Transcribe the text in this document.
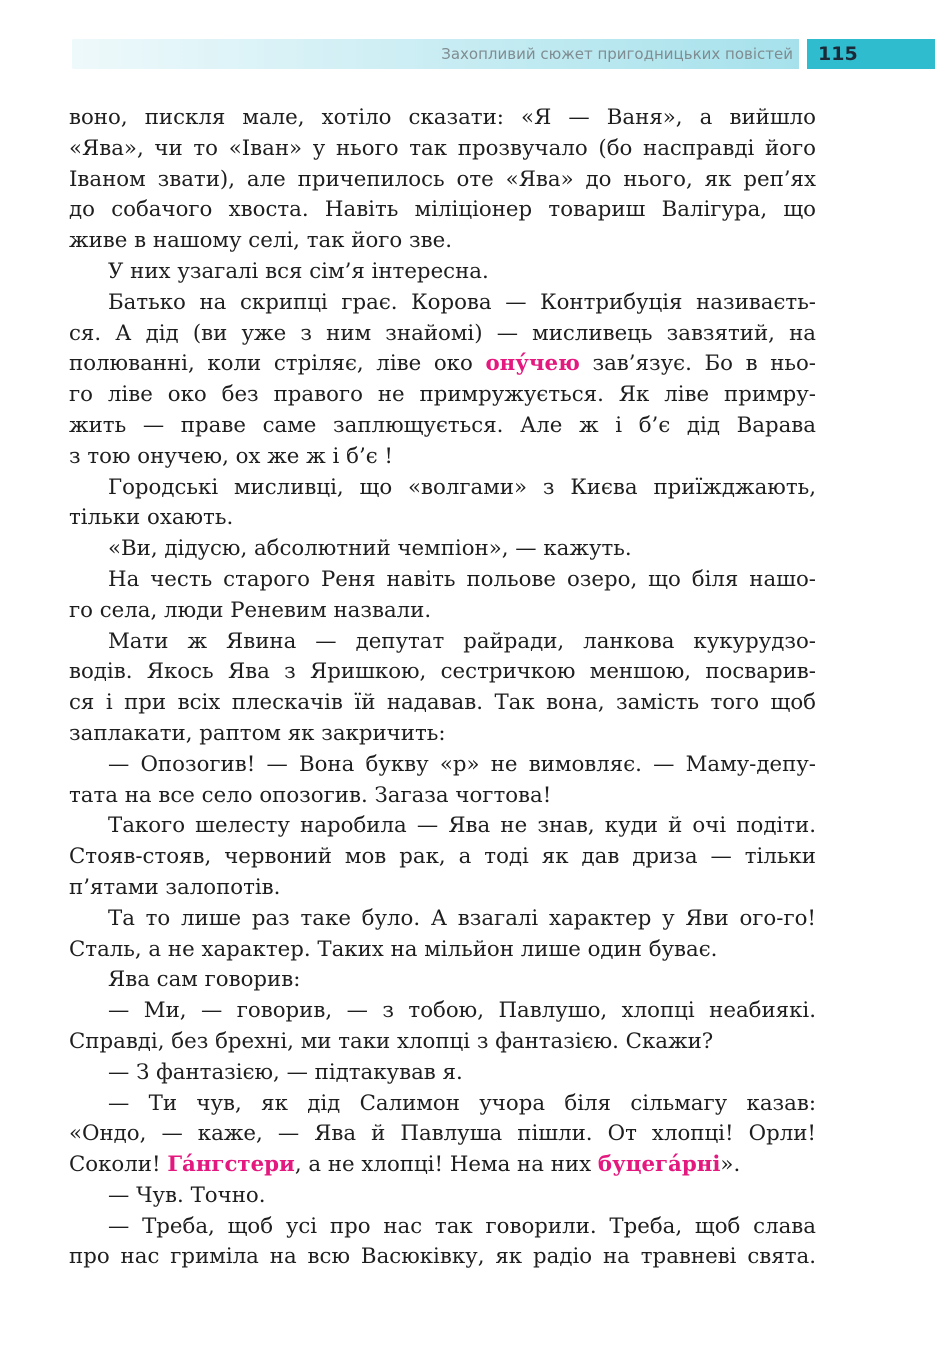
Захопливий сюжет пригодницьких повістей 115
воно, пискля мале, хотіло сказати: «Я — Ваня», а вийшло
«Ява», чи то «Іван» у нього так прозвучало (бо насправді його
Іваном звати), але причепилось оте «Ява» до нього, як реп’ях
до собачого хвоста. Навіть міліціонер товариш Валігура, що
живе в нашому селі, так його зве.
У них узагалі вся сім’я інтересна.
Батько на скрипці грає. Корова — Контрибуція називаєть-
ся. А дід (ви уже з ним знайомі) — мисливець завзятий, на
полюванні, коли стріляє, ліве око ону́чею зав’язує. Бо в ньо-
го ліве око без правого не примружується. Як ліве примру-
жить — праве саме заплющується. Але ж і б’є дід Варава
з тою онучею, ох же ж і б’є !
Городські мисливці, що «волгами» з Києва приїжджають,
тільки охають.
«Ви, дідусю, абсолютний чемпіон», — кажуть.
На честь старого Реня навіть польове озеро, що біля нашо-
го села, люди Реневим назвали.
Мати ж Явина — депутат райради, ланкова кукурудзо-
водів. Якось Ява з Яришкою, сестричкою меншою, посварив-
ся і при всіх плескачів їй надавав. Так вона, замість того щоб
заплакати, раптом як закричить:
— Опозогив! — Вона букву «р» не вимовляє. — Маму-депу-
тата на все село опозогив. Загаза чогтова!
Такого шелесту наробила — Ява не знав, куди й очі подіти.
Стояв-стояв, червоний мов рак, а тоді як дав дриза — тільки
п’ятами залопотів.
Та то лише раз таке було. А взагалі характер у Яви ого-го!
Сталь, а не характер. Таких на мільйон лише один буває.
Ява сам говорив:
— Ми, — говорив, — з тобою, Павлушо, хлопці неабиякі.
Справді, без брехні, ми таки хлопці з фантазією. Скажи?
— З фантазією, — підтакував я.
— Ти чув, як дід Салимон учора біля сільмагу казав:
«Ондо, — каже, — Ява й Павлуша пішли. От хлопці! Орли!
Соколи! Га́нгстери, а не хлопці! Нема на них буцега́рні».
— Чув. Точно.
— Треба, щоб усі про нас так говорили. Треба, щоб слава
про нас гриміла на всю Васюківку, як радіо на травневі свята.
